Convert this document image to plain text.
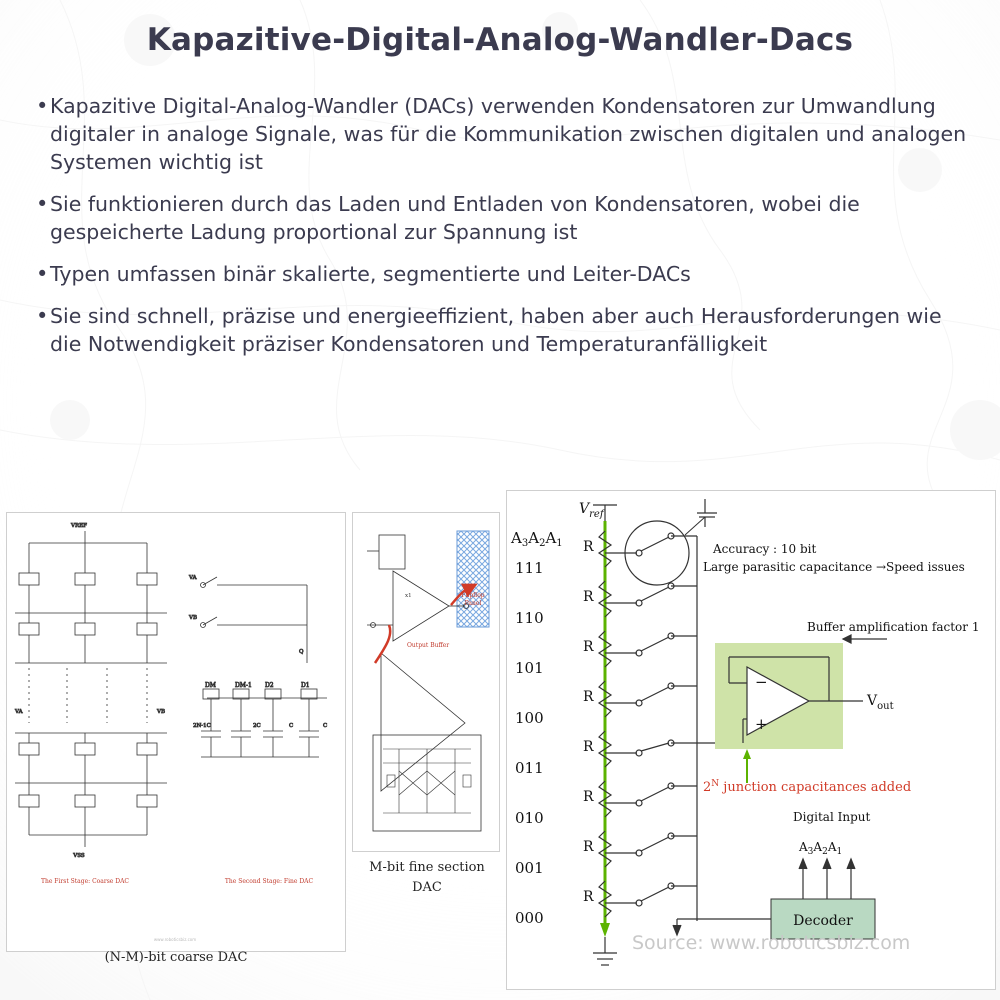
Kapazitive-Digital-Analog-Wandler-Dacs
• Kapazitive Digital-Analog-Wandler (DACs) verwenden Kondensatoren zur Umwandlung digitaler in analoge Signale, was für die Kommunikation zwischen digitalen und analogen Systemen wichtig ist
• Sie funktionieren durch das Laden und Entladen von Kondensatoren, wobei die gespeicherte Ladung proportional zur Spannung ist
• Typen umfassen binär skalierte, segmentierte und Leiter-DACs
• Sie sind schnell, präzise und energieeffizient, haben aber auch Herausforderungen wie die Notwendigkeit präziser Kondensatoren und Temperaturanfälligkeit
VREF
VA	VB
VSS
VA
VB
Q
DM	DM-1 D2	D1
2N-1C	2C	C	C
The First Stage: Coarse DAC	The Second Stage: Fine DAC
www.roboticsbiz.com
(N-M)-bit coarse DAC
x1	Flipflop
Panel
Output Buffer
M-bit fine section
DAC
$V_{ref}$
$A_3A_2A_1$ R
R
R
R
R
R
R
R
111
110
101
100
011
010
001
000
Accuracy : 10 bit
Large parasitic capacitance →Speed issues
Buffer amplification factor 1
−
+
$V_{out}$
$2^N$ junction capacitances added
Digital Input
$A_3A_2A_1$
Decoder
Source: www.roboticsbiz.com
